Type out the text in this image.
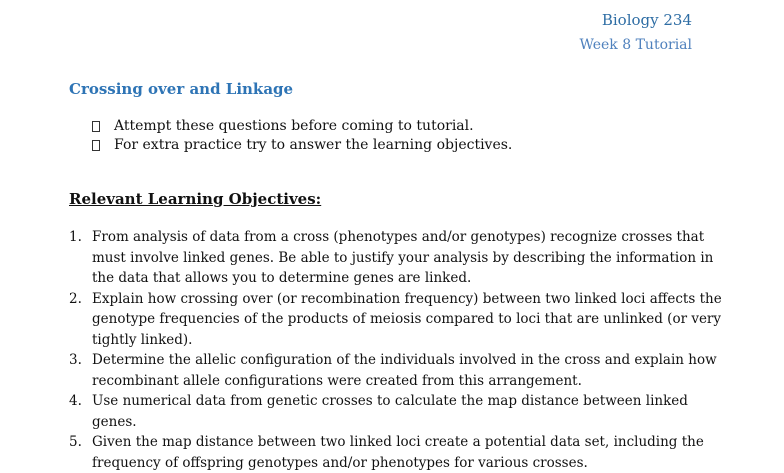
Biology 234
Week 8 Tutorial
Crossing over and Linkage
Attempt these questions before coming to tutorial.
For extra practice try to answer the learning objectives.
Relevant Learning Objectives:
1. From analysis of data from a cross (phenotypes and/or genotypes) recognize crosses that must involve linked genes. Be able to justify your analysis by describing the information in the data that allows you to determine genes are linked.
2. Explain how crossing over (or recombination frequency) between two linked loci affects the genotype frequencies of the products of meiosis compared to loci that are unlinked (or very tightly linked).
3. Determine the allelic configuration of the individuals involved in the cross and explain how recombinant allele configurations were created from this arrangement.
4. Use numerical data from genetic crosses to calculate the map distance between linked genes.
5. Given the map distance between two linked loci create a potential data set, including the frequency of offspring genotypes and/or phenotypes for various crosses.
